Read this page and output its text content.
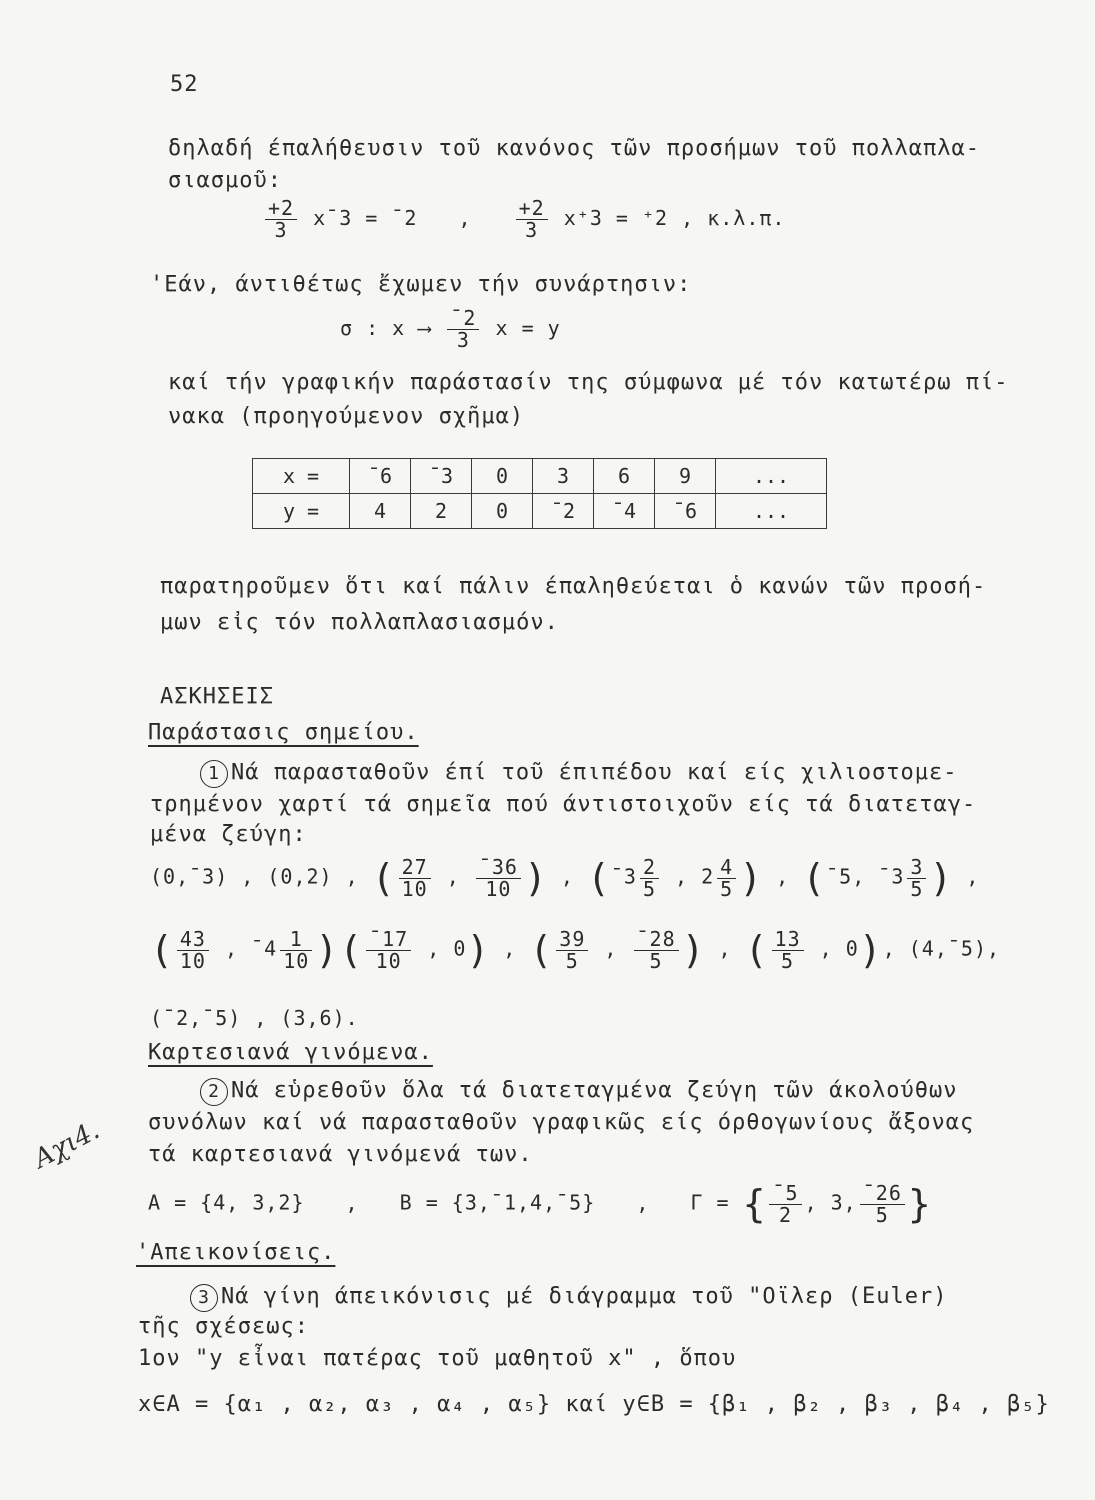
52
δηλαδή έπαλήθευσιν τοῦ κανόνος τῶν προσήμων τοῦ πολλαπλα-
σιασμοῦ:
$\frac{+2}{3}$ x¯3 = ¯2 , $\frac{+2}{3} x^+3 = ^+2$ , κ.λ.π.
'Εάν, άντιθέτως ἔχωμεν τήν συνάρτησιν:
σ : x ⟶ $\frac{¯2}{3}$ x = y
καί τήν γραφικήν παράστασίν της σύμφωνα μέ τόν κατωτέρω πί-
νακα (προηγούμενον σχῆμα)
x =	¯6	¯3	0	3	6	9	...
y =	4	2	0	¯2	¯4	¯6	...
παρατηροῦμεν ὅτι καί πάλιν έπαληθεύεται ὁ κανών τῶν προσή-
μων εἰς τόν πολλαπλασιασμόν.
ΑΣΚΗΣΕΙΣ
Παράστασις σημείου.
1 Νά παρασταθοῦν έπί τοῦ έπιπέδου καί είς χιλιοστομε-
τρημένον χαρτί τά σημεῖα πού άντιστοιχοῦν είς τά διατεταγ-
μένα ζεύγη:
(0,¯3) , (0,2) , ( $\frac{27}{10}$ , $\frac{¯36}{10}$ ) , (¯3 $\frac{2}{5}$ , $2 \frac{4}{5}$ ) , (¯5, ¯3 $\frac{3}{5}$ ) ,
( $\frac{43}{10}$ , ¯4 $\frac{1}{10}$ )( $\frac{¯17}{10}$ , 0) , ( $\frac{39}{5}$ , $\frac{¯28}{5}$ ) , ( $\frac{13}{5}$ , 0), (4,¯5),
(¯2,¯5) , (3,6).
Καρτεσιανά γινόμενα.
2 Νά εὑρεθοῦν ὅλα τά διατεταγμένα ζεύγη τῶν άκολούθων
συνόλων καί νά παρασταθοῦν γραφικῶς είς όρθογωνίους ἄξονας
τά καρτεσιανά γινόμενά των.
A = {4, 3,2} , B = {3,¯1,4,¯5} , Γ = { $\frac{¯5}{2}$ , 3, $\frac{¯26}{5}$ }
'Απεικονίσεις.
3 Νά γίνη άπεικόνισις μέ διάγραμμα τοῦ "Οϊλερ (Euler)
τῆς σχέσεως:
1ον "y εἶναι πατέρας τοῦ μαθητοῦ x" , ὅπου
x∈A = {α₁ , α₂, α₃ , α₄ , α₅} καί y∈B = {β₁ , β₂ , β₃ , β₄ , β₅}
Αχι4.
